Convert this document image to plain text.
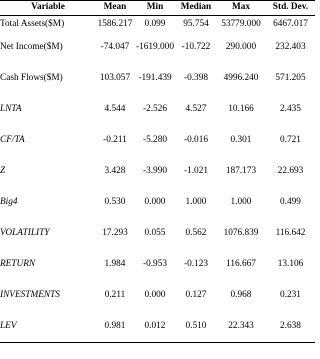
Variable	Mean	Min	Median	Max	Std. Dev.
Total Assets($M)	1586.217	0.099	95.754	53779.000	6467.017
Net Income($M)	-74.047	-1619.000	-10.722	290.000	232.403
Cash Flows($M)	103.057	-191.439	-0.398	4996.240	571.205
LNTA	4.544	-2.526	4.527	10.166	2.435
CF/TA	-0.211	-5.280	-0.016	0.301	0.721
Z	3.428	-3.990	-1.021	187.173	22.693
Big4	0.530	0.000	1.000	1.000	0.499
VOLATILITY	17.293	0.055	0.562	1076.839	116.642
RETURN	1.984	-0.953	-0.123	116.667	13.106
INVESTMENTS	0.211	0.000	0.127	0.968	0.231
LEV	0.981	0.012	0.510	22.343	2.638
